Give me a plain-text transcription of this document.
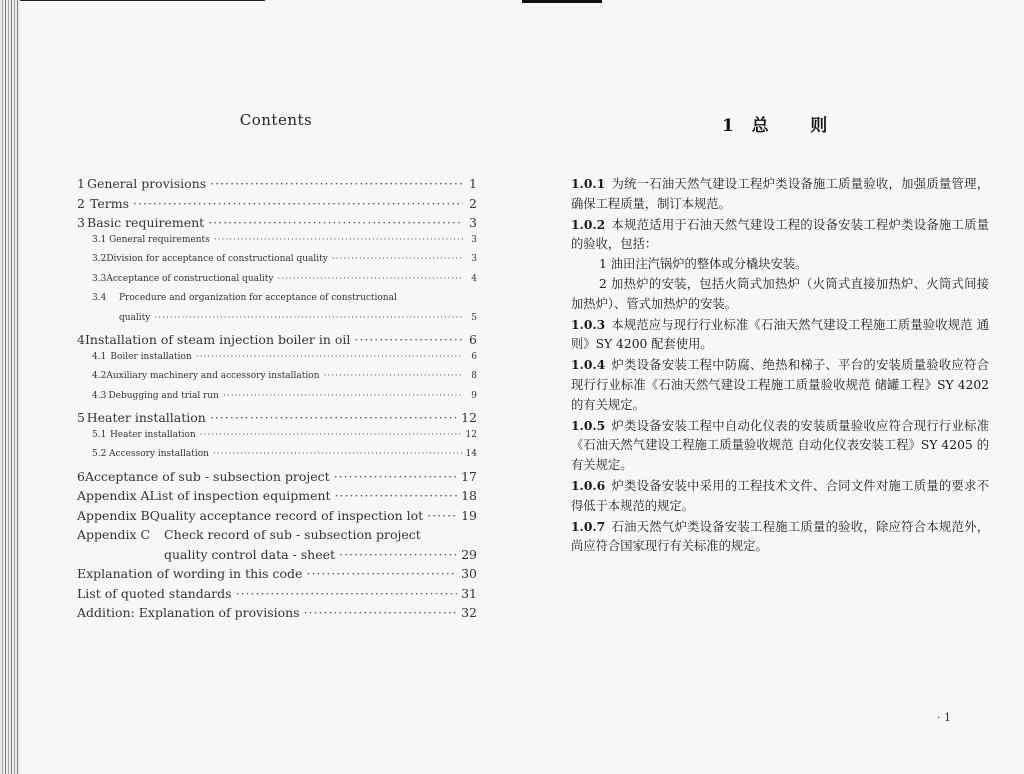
Contents
1 General provisions ·····	1
2 Terms ·····	2
3 Basic requirement ·····	3
3.1 General requirements ·····	3
3.2 Division for acceptance of constructional quality ·····	3
3.3 Acceptance of constructional quality ·····	4
3.4	Procedure and organization for acceptance of constructional
quality ·····	5
4 Installation of steam injection boiler in oil ·····	6
4.1 Boiler installation ·····	6
4.2 Auxiliary machinery and accessory installation ·····	8
4.3 Debugging and trial run ·····	9
5 Heater installation ·····	12
5.1 Heater installation ·····	12
5.2 Accessory installation ·····	14
6 Acceptance of sub - subsection project ·····	17
Appendix A List of inspection equipment ·····	18
Appendix B Quality acceptance record of inspection lot ·····	19
Appendix C	Check record of sub - subsection project
quality control data - sheet ·····	29
Explanation of wording in this code ·····	30
List of quoted standards ·····	31
Addition: Explanation of provisions ·····	32
1  总     则

1.0.1 为统一石油天然气建设工程炉类设备施工质量验收，加强质量管理，确保工程质量，制订本规范。

1.0.2 本规范适用于石油天然气建设工程的设备安装工程炉类设备施工质量的验收，包括：

1 油田注汽锅炉的整体或分橇块安装。

2 加热炉的安装，包括火筒式加热炉（火筒式直接加热炉、火筒式间接加热炉）、管式加热炉的安装。

1.0.3 本规范应与现行行业标准《石油天然气建设工程施工质量验收规范 通则》SY 4200 配套使用。

1.0.4 炉类设备安装工程中防腐、绝热和梯子、平台的安装质量验收应符合现行行业标准《石油天然气建设工程施工质量验收规范 储罐工程》SY 4202 的有关规定。

1.0.5 炉类设备安装工程中自动化仪表的安装质量验收应符合现行行业标准《石油天然气建设工程施工质量验收规范 自动化仪表安装工程》SY 4205 的有关规定。

1.0.6 炉类设备安装中采用的工程技术文件、合同文件对施工质量的要求不得低于本规范的规定。

1.0.7 石油天然气炉类设备安装工程施工质量的验收，除应符合本规范外，尚应符合国家现行有关标准的规定。

· 1
